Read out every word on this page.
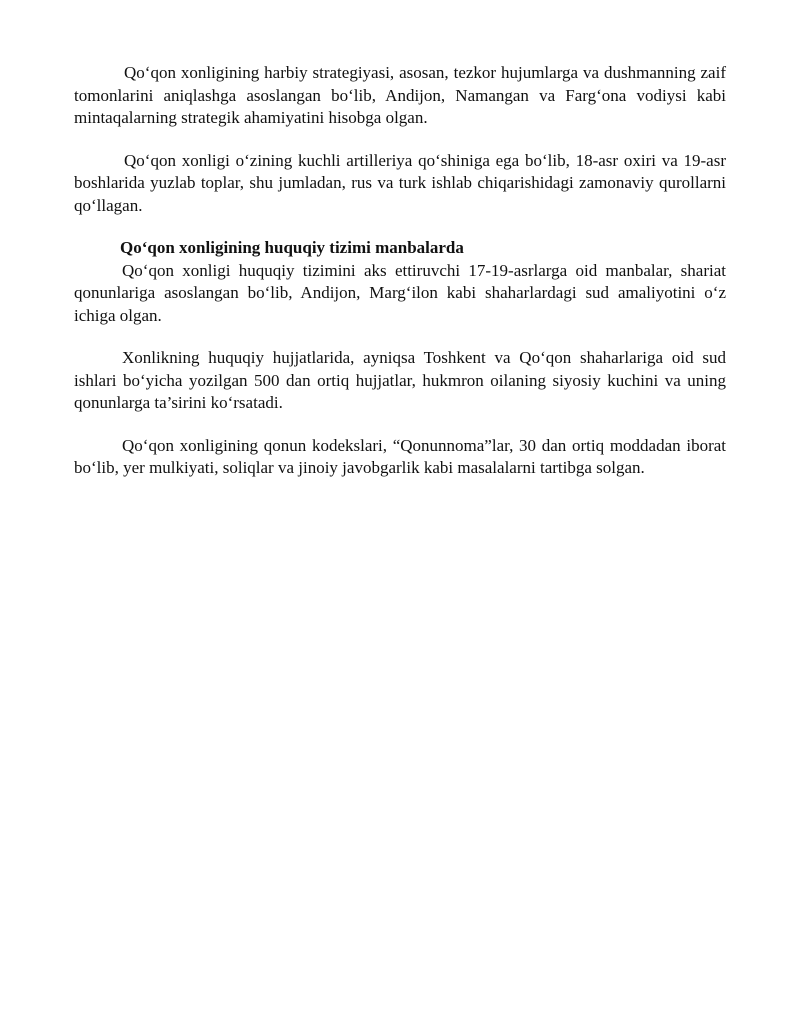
Qo‘qon xonligining harbiy strategiyasi, asosan, tezkor hujumlarga va dushmanning zaif tomonlarini aniqlashga asoslangan bo‘lib, Andijon, Namangan va Farg‘ona vodiysi kabi mintaqalarning strategik ahamiyatini hisobga olgan.

Qo‘qon xonligi o‘zining kuchli artilleriya qo‘shiniga ega bo‘lib, 18-asr oxiri va 19-asr boshlarida yuzlab toplar, shu jumladan, rus va turk ishlab chiqarishidagi zamonaviy qurollarni qo‘llagan.

Qo‘qon xonligining huquqiy tizimi manbalarda

Qo‘qon xonligi huquqiy tizimini aks ettiruvchi 17-19-asrlarga oid manbalar, shariat qonunlariga asoslangan bo‘lib, Andijon, Marg‘ilon kabi shaharlardagi sud amaliyotini o‘z ichiga olgan.

Xonlikning huquqiy hujjatlarida, ayniqsa Toshkent va Qo‘qon shaharlariga oid sud ishlari bo‘yicha yozilgan 500 dan ortiq hujjatlar, hukmron oilaning siyosiy kuchini va uning qonunlarga ta’sirini ko‘rsatadi.

Qo‘qon xonligining qonun kodekslari, “Qonunnoma”lar, 30 dan ortiq moddadan iborat bo‘lib, yer mulkiyati, soliqlar va jinoiy javobgarlik kabi masalalarni tartibga solgan.
